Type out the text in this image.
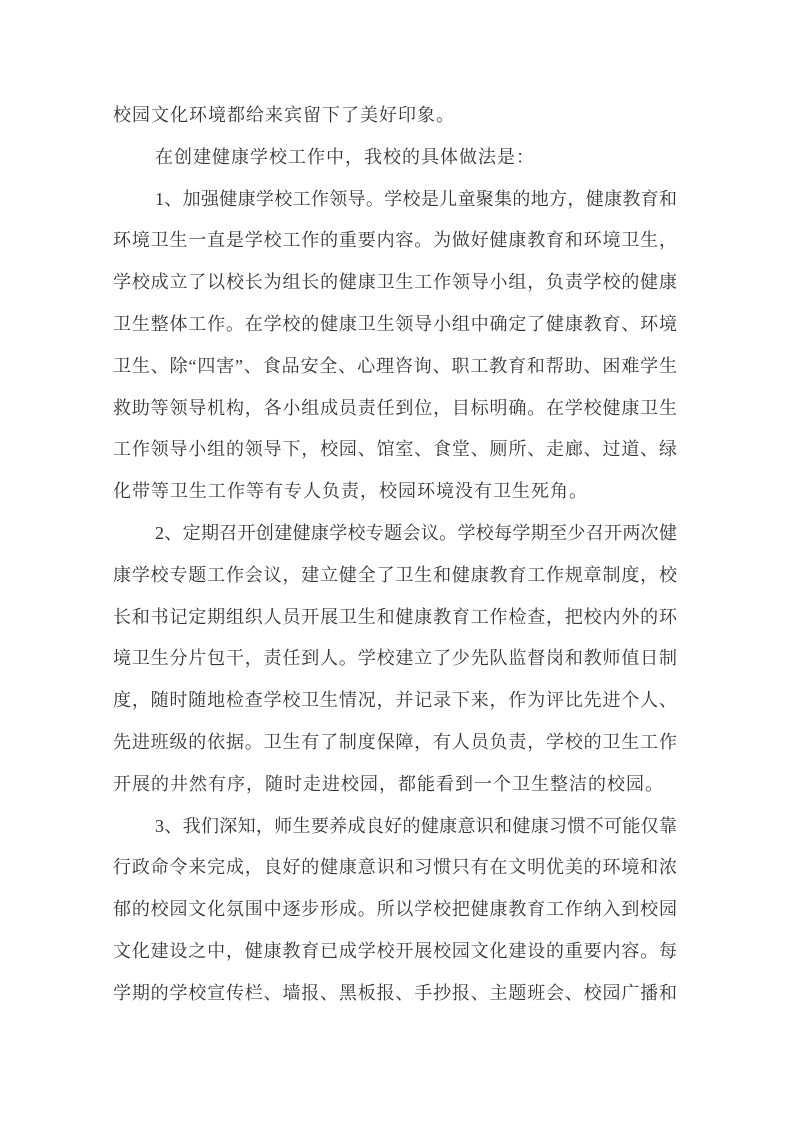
校园文化环境都给来宾留下了美好印象。
在创建健康学校工作中，我校的具体做法是：
1、加强健康学校工作领导。学校是儿童聚集的地方，健康教育和
环境卫生一直是学校工作的重要内容。为做好健康教育和环境卫生，
学校成立了以校长为组长的健康卫生工作领导小组，负责学校的健康
卫生整体工作。在学校的健康卫生领导小组中确定了健康教育、环境
卫生、除“四害”、食品安全、心理咨询、职工教育和帮助、困难学生
救助等领导机构，各小组成员责任到位，目标明确。在学校健康卫生
工作领导小组的领导下，校园、馆室、食堂、厕所、走廊、过道、绿
化带等卫生工作等有专人负责，校园环境没有卫生死角。
2、定期召开创建健康学校专题会议。学校每学期至少召开两次健
康学校专题工作会议，建立健全了卫生和健康教育工作规章制度，校
长和书记定期组织人员开展卫生和健康教育工作检查，把校内外的环
境卫生分片包干，责任到人。学校建立了少先队监督岗和教师值日制
度，随时随地检查学校卫生情况，并记录下来，作为评比先进个人、
先进班级的依据。卫生有了制度保障，有人员负责，学校的卫生工作
开展的井然有序，随时走进校园，都能看到一个卫生整洁的校园。
3、我们深知，师生要养成良好的健康意识和健康习惯不可能仅靠
行政命令来完成，良好的健康意识和习惯只有在文明优美的环境和浓
郁的校园文化氛围中逐步形成。所以学校把健康教育工作纳入到校园
文化建设之中，健康教育已成学校开展校园文化建设的重要内容。每
学期的学校宣传栏、墙报、黑板报、手抄报、主题班会、校园广播和
